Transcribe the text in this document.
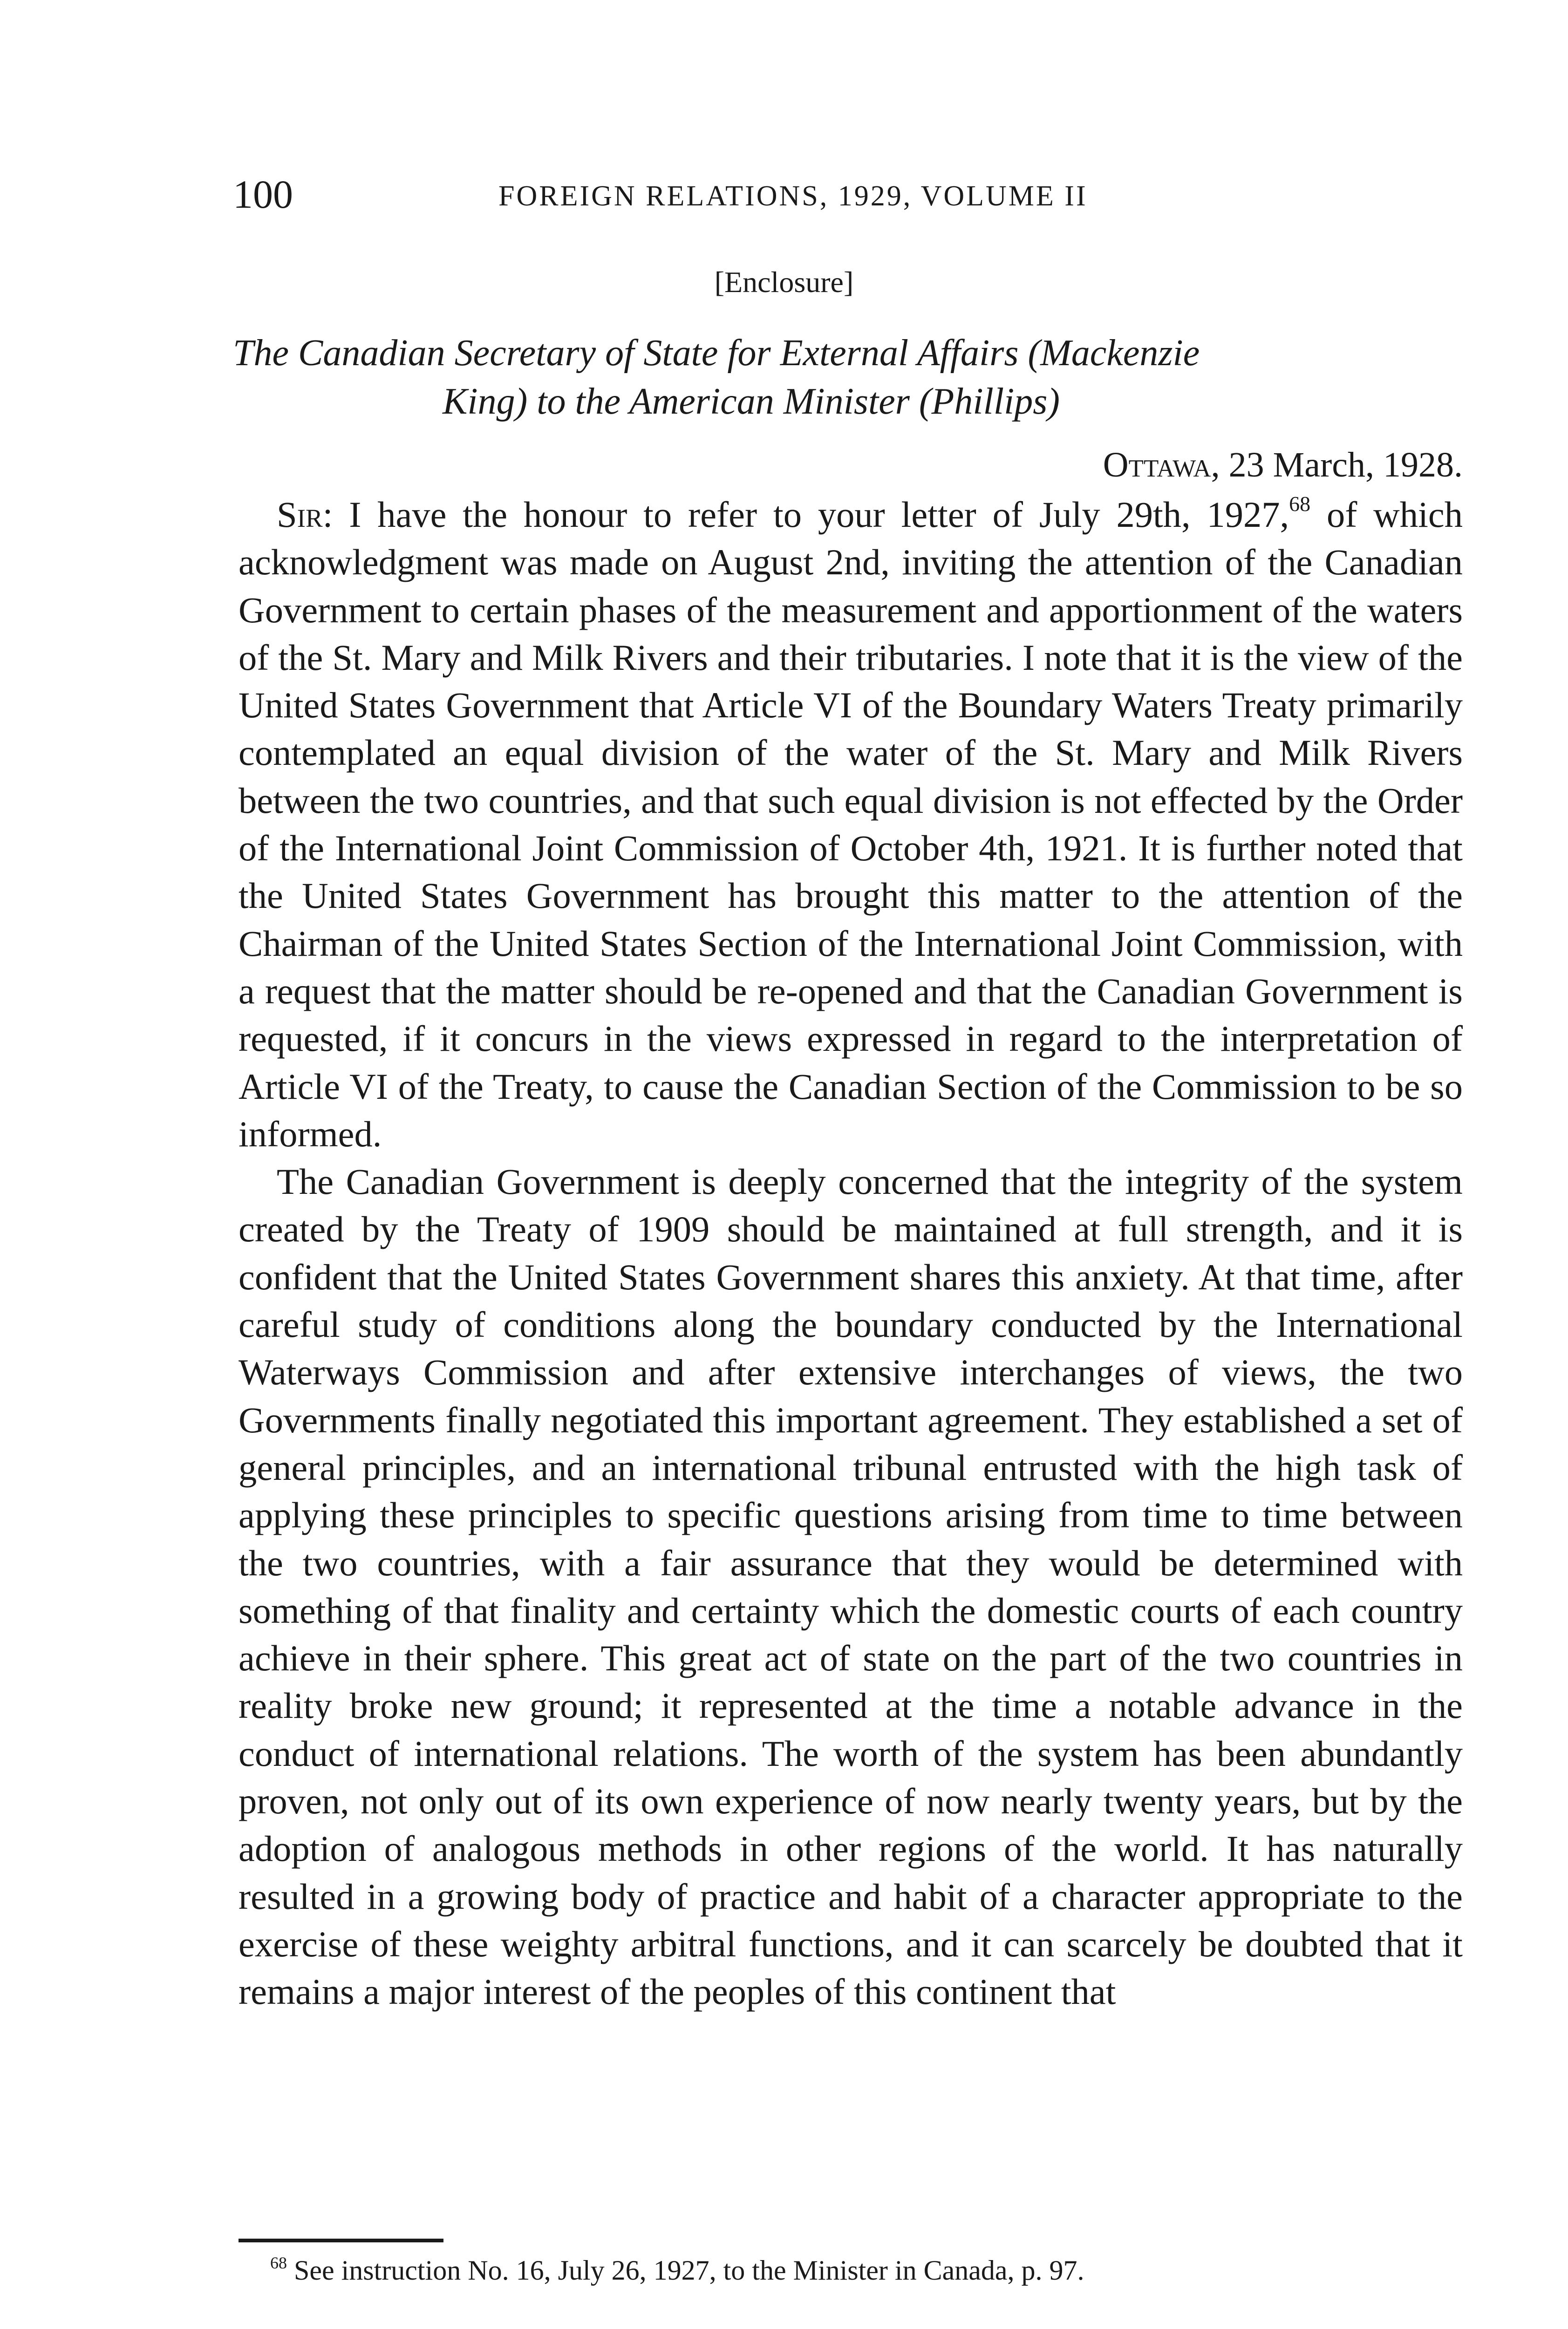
100	FOREIGN RELATIONS, 1929, VOLUME II
[Enclosure]
The Canadian Secretary of State for External Affairs (Mackenzie
King) to the American Minister (Phillips)
Ottawa, 23 March, 1928.

Sir: I have the honour to refer to your letter of July 29th, 1927,68 of which acknowledgment was made on August 2nd, inviting the attention of the Canadian Government to certain phases of the measurement and apportionment of the waters of the St. Mary and Milk Rivers and their tributaries. I note that it is the view of the United States Government that Article VI of the Boundary Waters Treaty primarily contemplated an equal division of the water of the St. Mary and Milk Rivers between the two countries, and that such equal division is not effected by the Order of the International Joint Commission of October 4th, 1921. It is further noted that the United States Government has brought this matter to the attention of the Chairman of the United States Section of the International Joint Commission, with a request that the matter should be re-opened and that the Canadian Government is requested, if it concurs in the views expressed in regard to the interpretation of Article VI of the Treaty, to cause the Canadian Section of the Commission to be so informed.

The Canadian Government is deeply concerned that the integrity of the system created by the Treaty of 1909 should be maintained at full strength, and it is confident that the United States Government shares this anxiety. At that time, after careful study of conditions along the boundary conducted by the International Waterways Commission and after extensive interchanges of views, the two Governments finally negotiated this important agreement. They established a set of general principles, and an international tribunal entrusted with the high task of applying these principles to specific questions arising from time to time between the two countries, with a fair assurance that they would be determined with something of that finality and certainty which the domestic courts of each country achieve in their sphere. This great act of state on the part of the two countries in reality broke new ground; it represented at the time a notable advance in the conduct of international relations. The worth of the system has been abundantly proven, not only out of its own experience of now nearly twenty years, but by the adoption of analogous methods in other regions of the world. It has naturally resulted in a growing body of practice and habit of a character appropriate to the exercise of these weighty arbitral functions, and it can scarcely be doubted that it remains a major interest of the peoples of this continent that

$^{68}$ See instruction No. 16, July 26, 1927, to the Minister in Canada, p. 97.
